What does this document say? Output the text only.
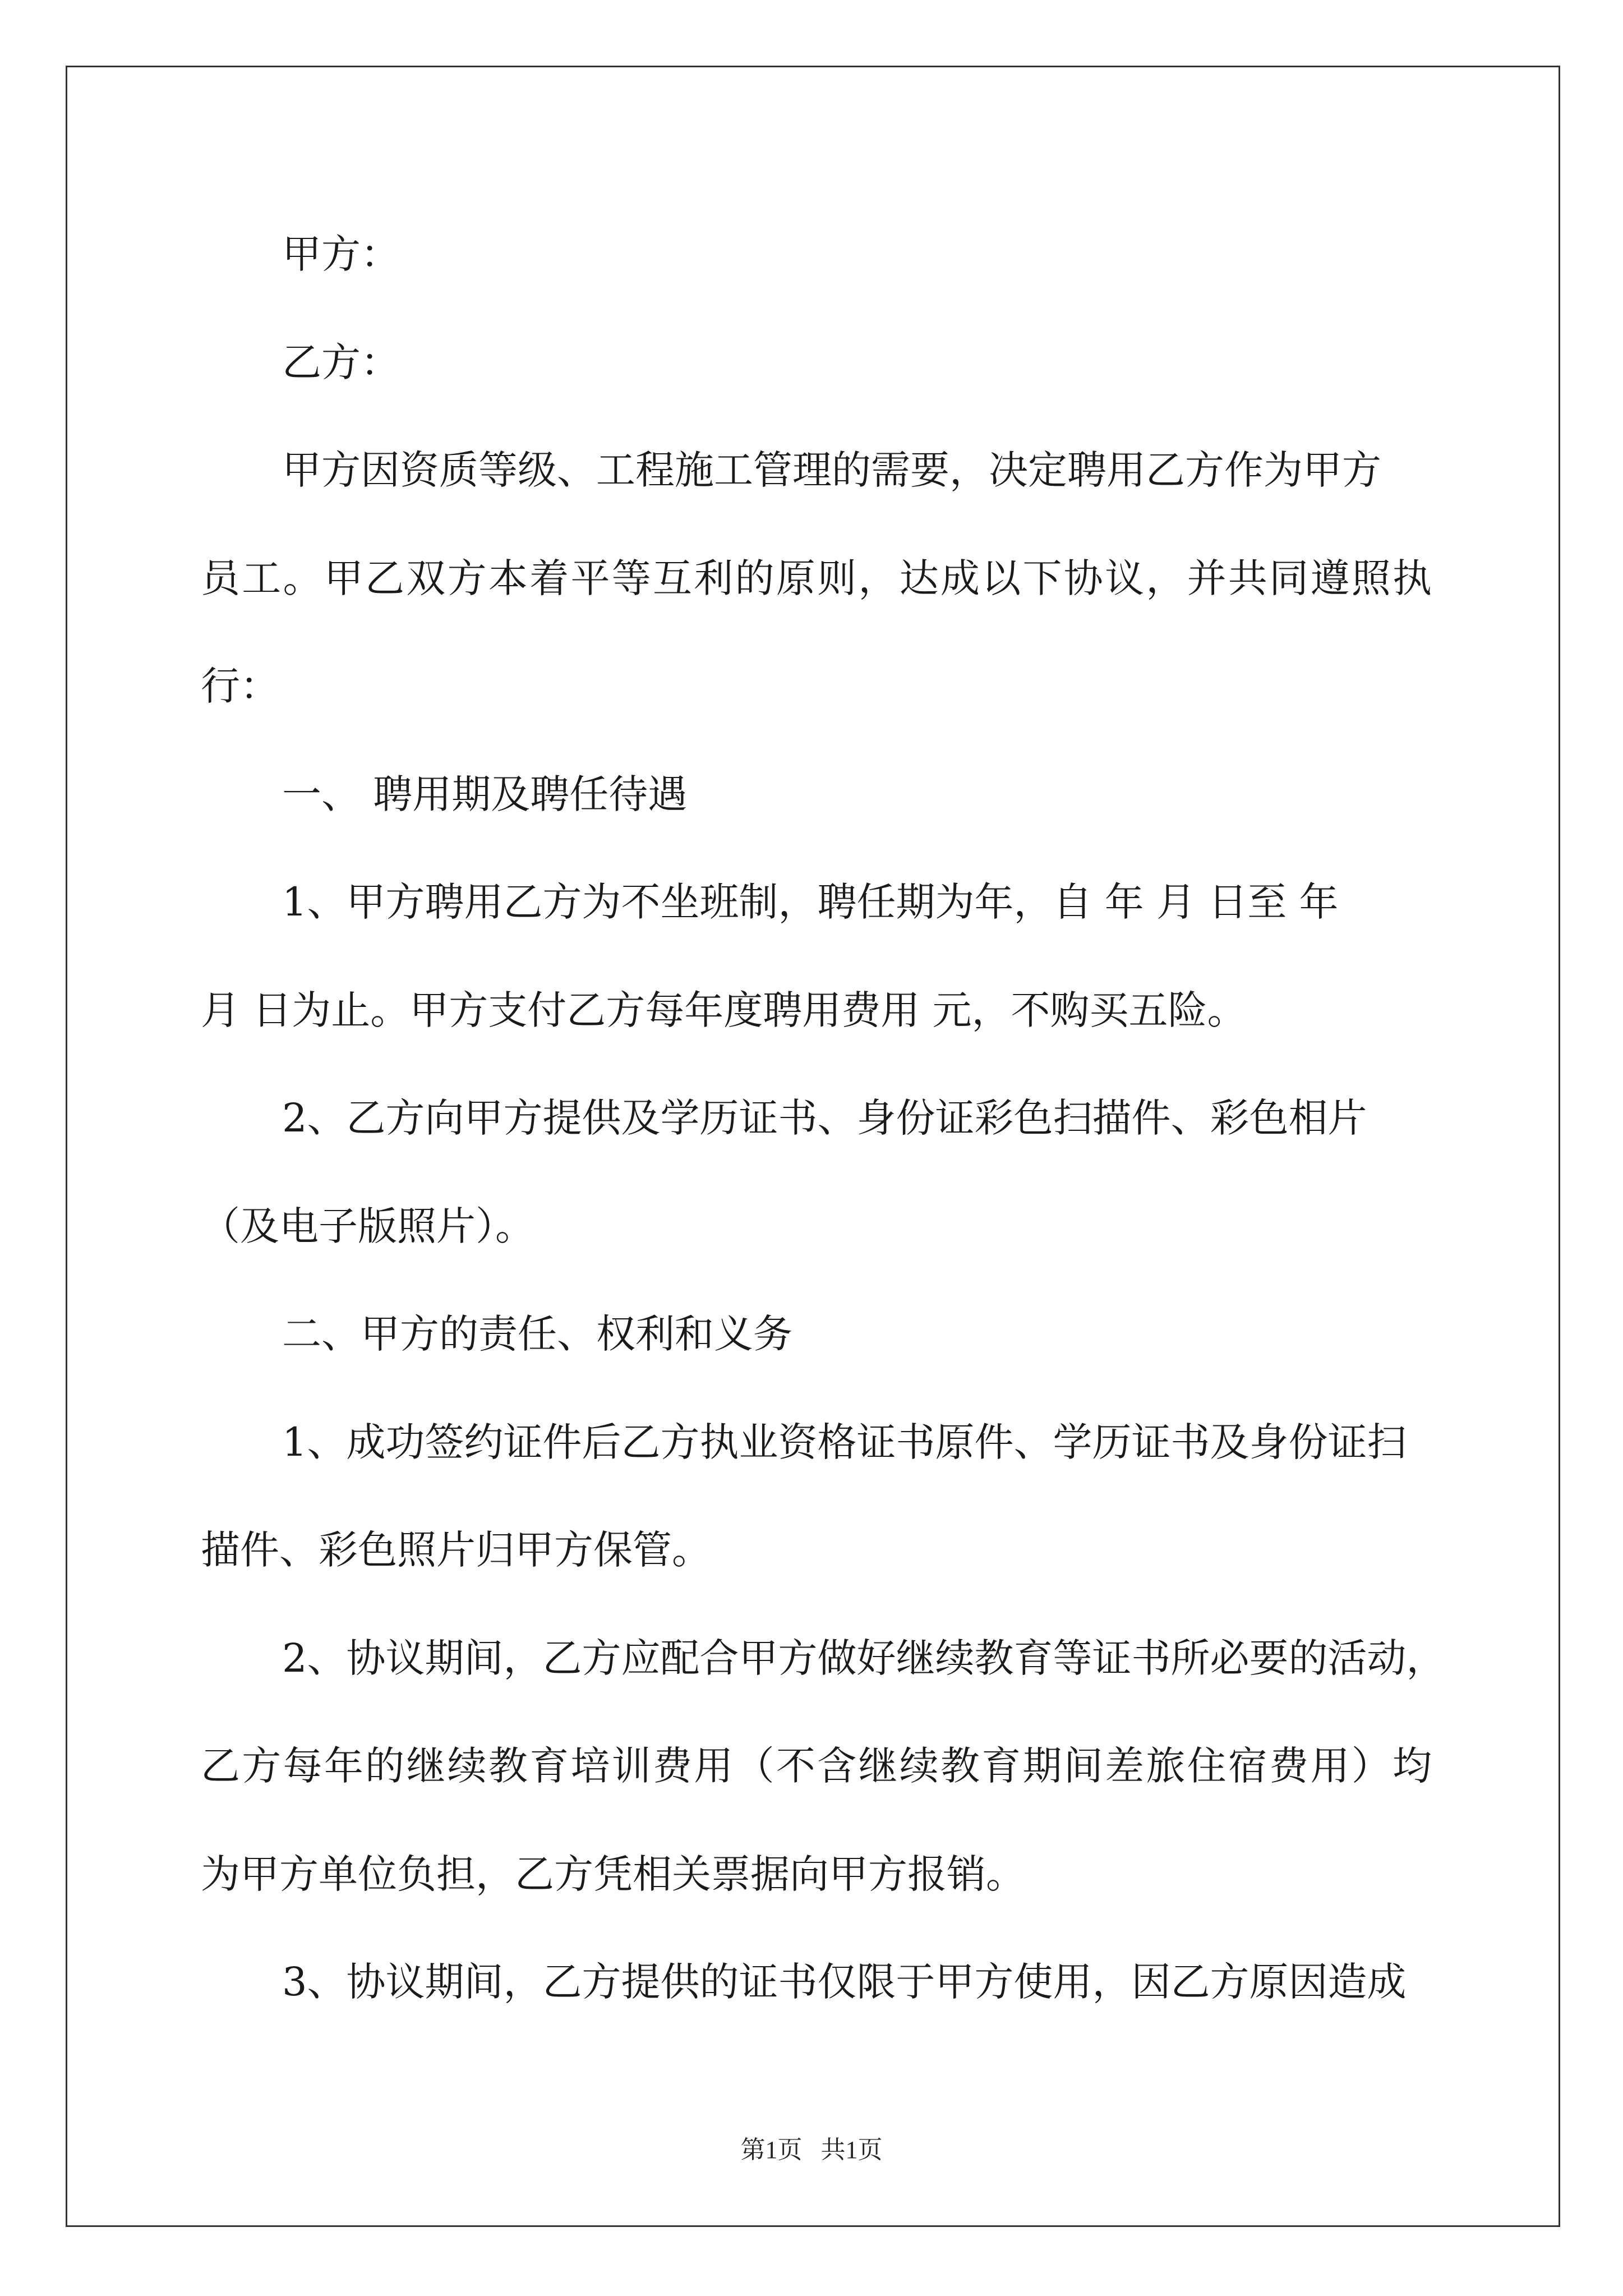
甲方：
乙方：
甲方因资质等级、工程施工管理的需要，决定聘用乙方作为甲方
员工。甲乙双方本着平等互利的原则，达成以下协议，并共同遵照执
行：
一、 聘用期及聘任待遇
1、甲方聘用乙方为不坐班制，聘任期为年，自 年 月 日至 年
月 日为止。甲方支付乙方每年度聘用费用 元，不购买五险。
2、乙方向甲方提供及学历证书、身份证彩色扫描件、彩色相片
（及电子版照片）。
二、甲方的责任、权利和义务
1、成功签约证件后乙方执业资格证书原件、学历证书及身份证扫
描件、彩色照片归甲方保管。
2、协议期间，乙方应配合甲方做好继续教育等证书所必要的活动，
乙方每年的继续教育培训费用（不含继续教育期间差旅住宿费用）均
为甲方单位负担，乙方凭相关票据向甲方报销。
3、协议期间，乙方提供的证书仅限于甲方使用，因乙方原因造成
第1页   共1页
